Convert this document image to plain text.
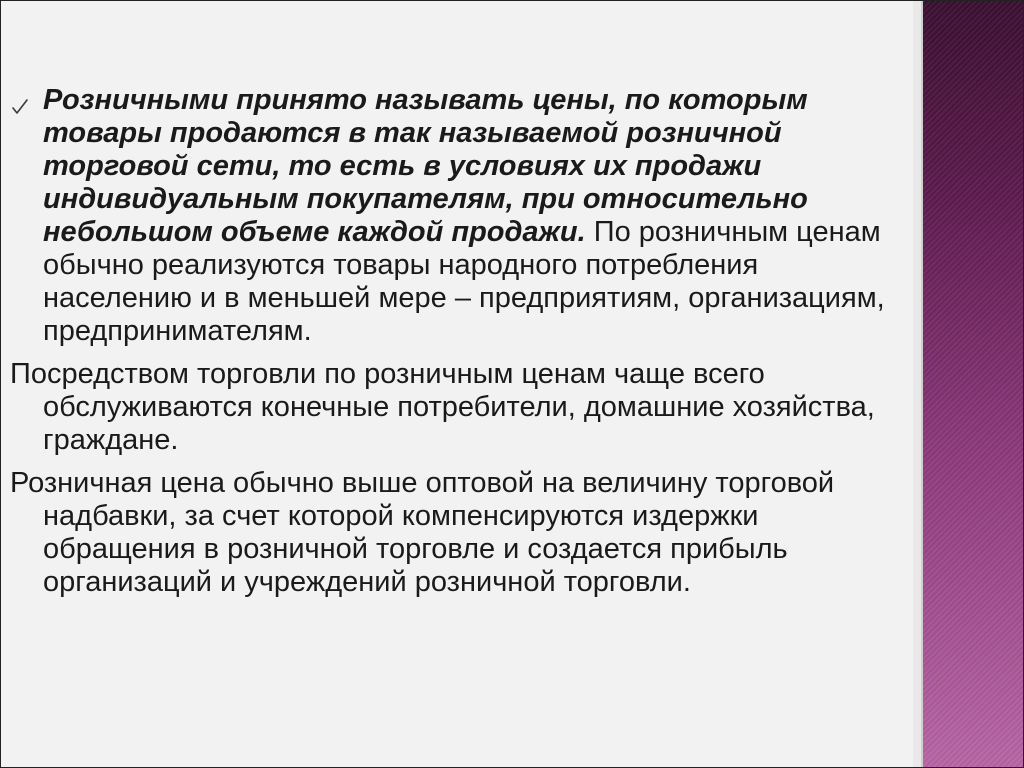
Розничными принято называть цены, по которым товары продаются в так называемой розничной торговой сети, то есть в условиях их продажи индивидуальным покупателям, при относительно небольшом объеме каждой продажи. По розничным ценам обычно реализуются товары народного потребления населению и в меньшей мере – предприятиям, организациям, предпринимателям.

Посредством торговли по розничным ценам чаще всего обслуживаются конечные потребители, домашние хозяйства, граждане.

Розничная цена обычно выше оптовой на величину торговой надбавки, за счет которой компенсируются издержки обращения в розничной торговле и создается прибыль организаций и учреждений розничной торговли.
